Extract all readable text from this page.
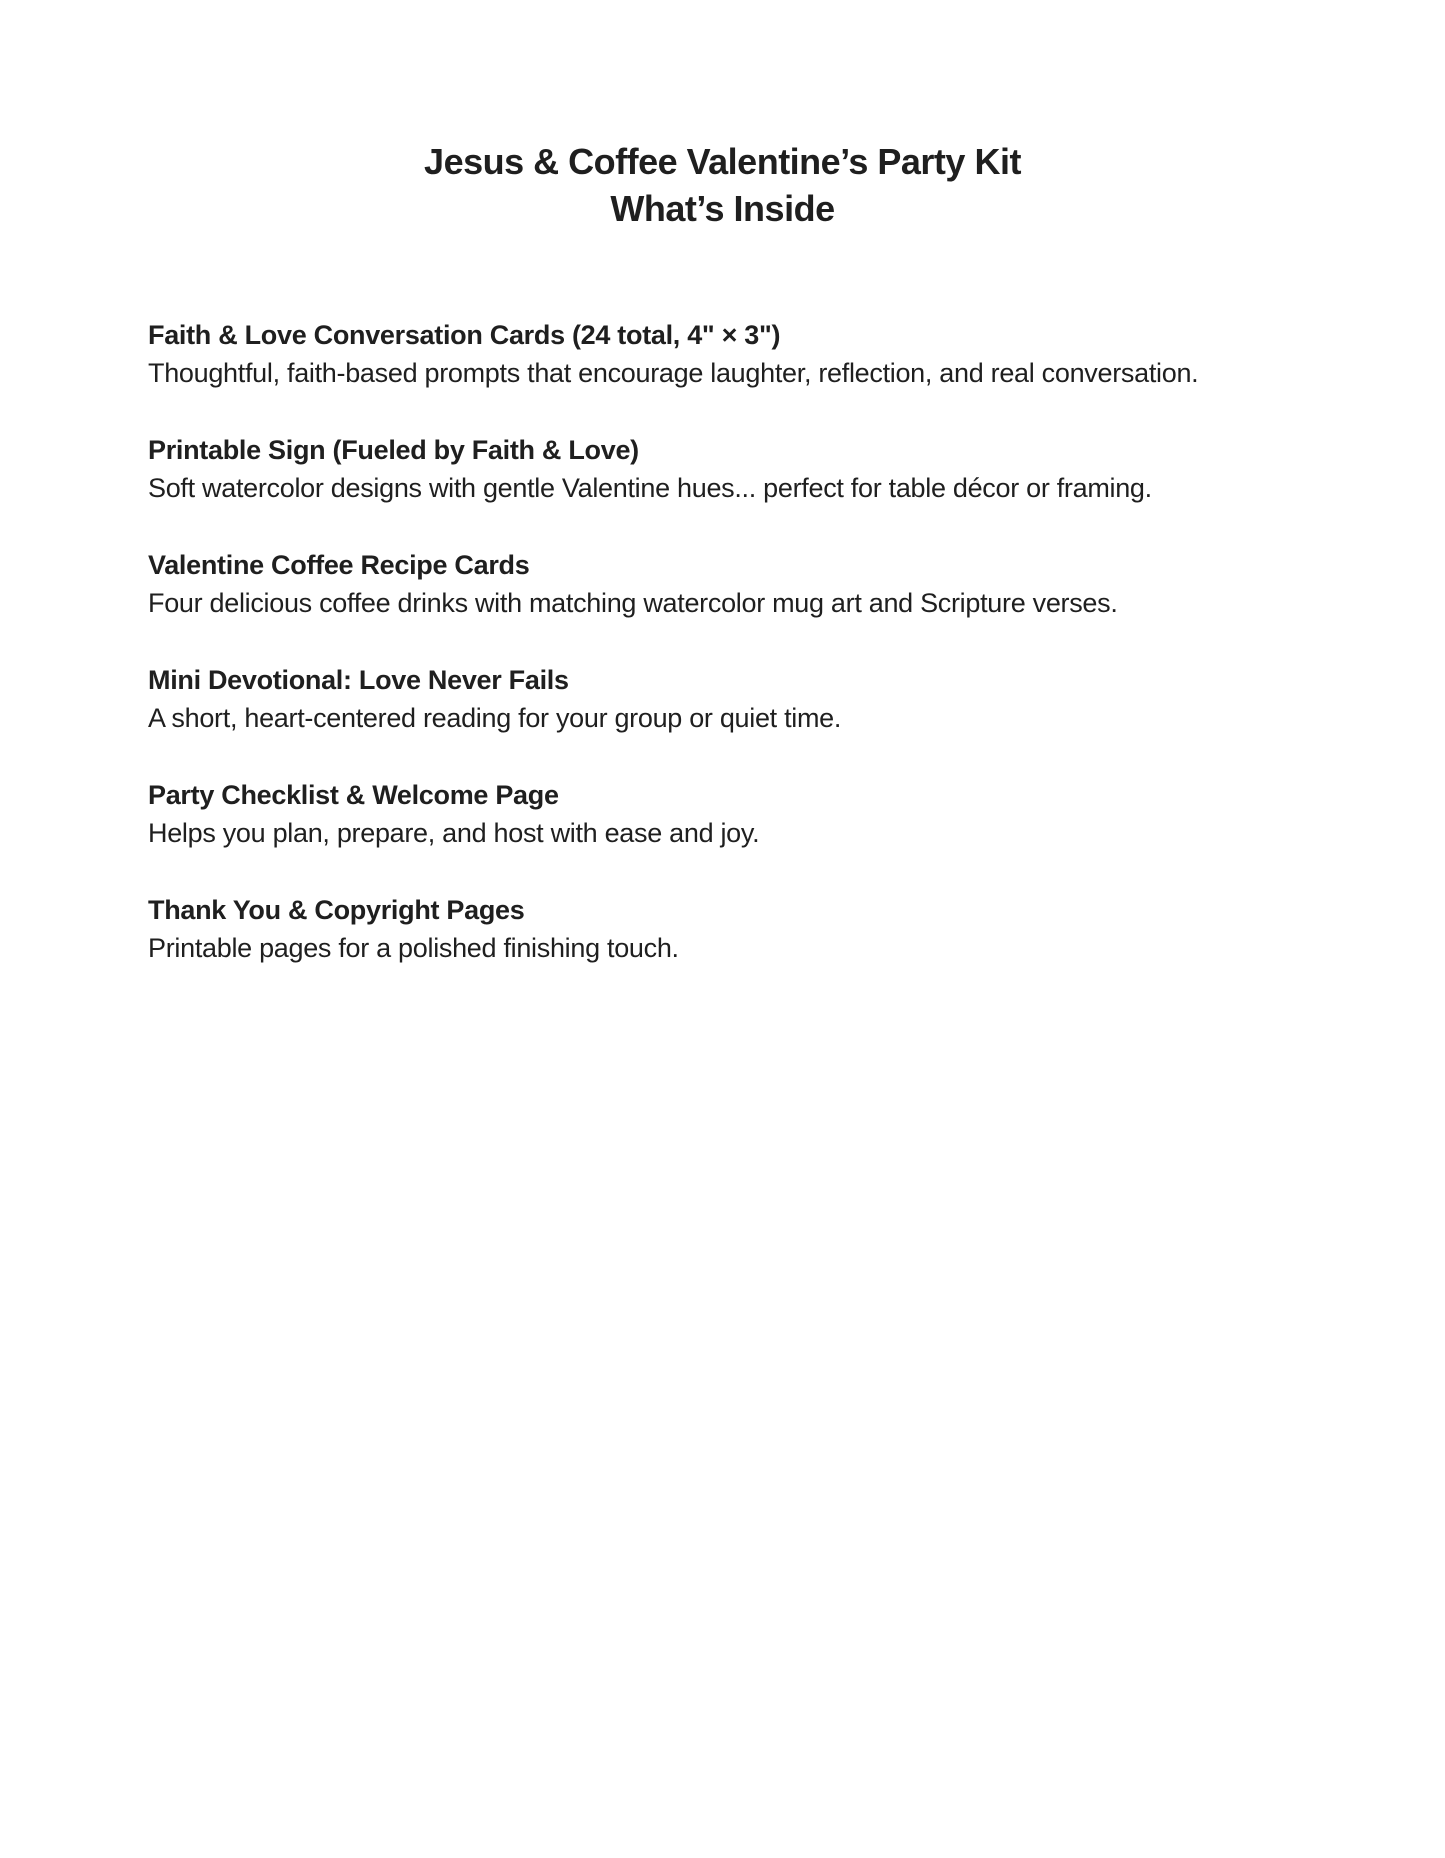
Jesus & Coffee Valentine’s Party Kit
What’s Inside
Faith & Love Conversation Cards (24 total, 4" × 3")
Thoughtful, faith-based prompts that encourage laughter, reflection, and real conversation.
Printable Sign (Fueled by Faith & Love)
Soft watercolor designs with gentle Valentine hues... perfect for table décor or framing.
Valentine Coffee Recipe Cards
Four delicious coffee drinks with matching watercolor mug art and Scripture verses.
Mini Devotional: Love Never Fails
A short, heart-centered reading for your group or quiet time.
Party Checklist & Welcome Page
Helps you plan, prepare, and host with ease and joy.
Thank You & Copyright Pages
Printable pages for a polished finishing touch.
